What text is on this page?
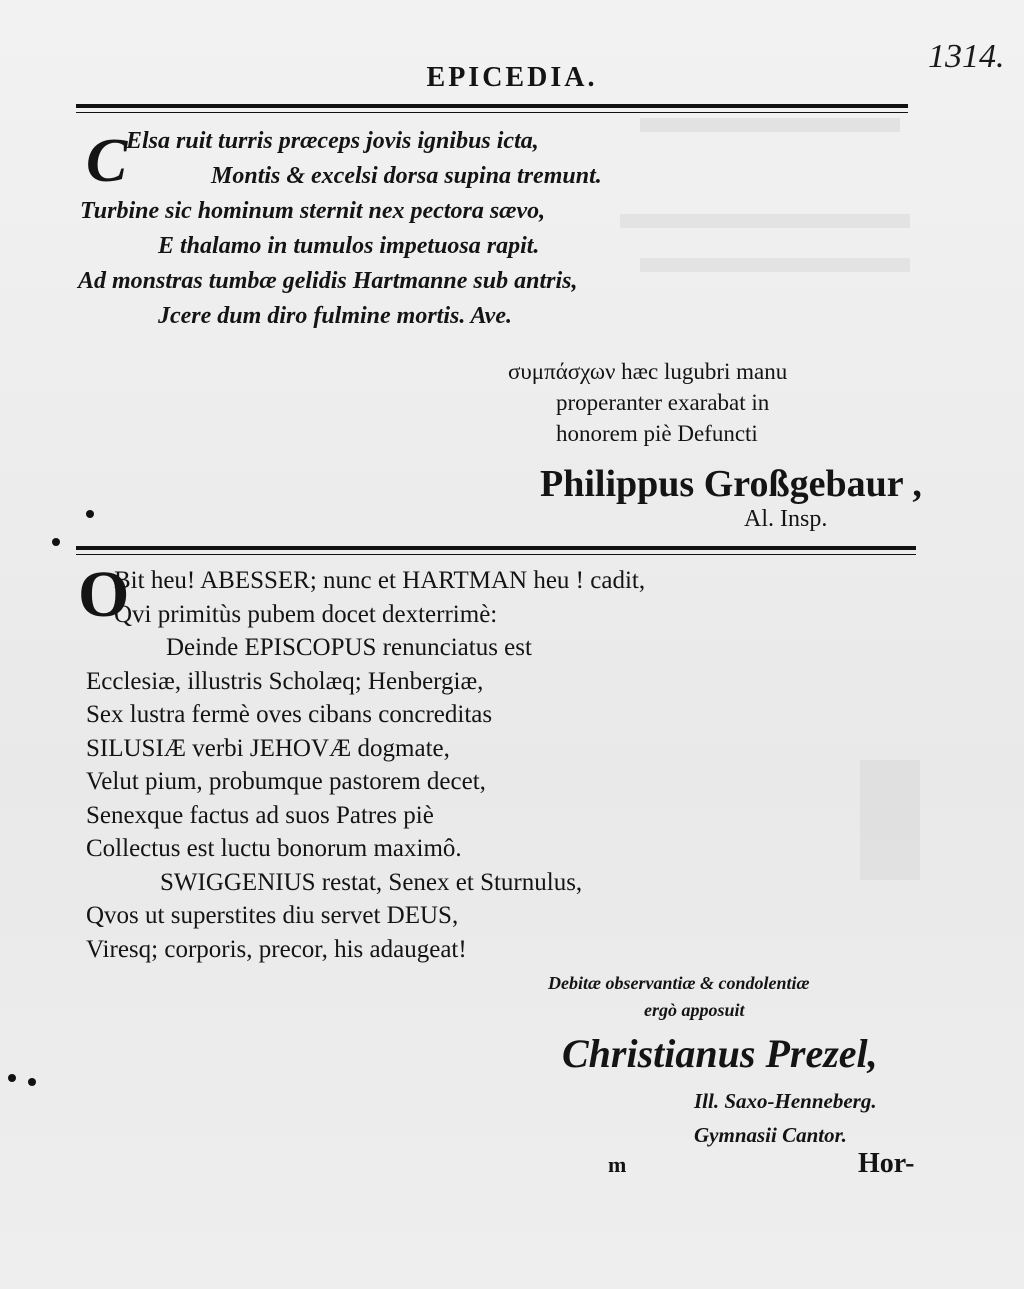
1314.
EPICEDIA.
C
Elsa ruit turris præceps jovis ignibus icta,
Montis & excelsi dorsa supina tremunt.
Turbine sic hominum sternit nex pectora sævo,
E thalamo in tumulos impetuosa rapit.
Ad monstras tumbæ gelidis Hartmanne sub antris,
Jcere dum diro fulmine mortis. Ave.
συμπάσχων hæc lugubri manu
properanter exarabat in
honorem piè Defuncti
Philippus Großgebaur ,
Al. Insp.
O
Bit heu! ABESSER; nunc et HARTMAN heu ! cadit,
Qvi primitùs pubem docet dexterrimè:
Deinde EPISCOPUS renunciatus est
Ecclesiæ, illustris Scholæq; Henbergiæ,
Sex lustra fermè oves cibans concreditas
SILUSIÆ verbi JEHOVÆ dogmate,
Velut pium, probumque pastorem decet,
Senexque factus ad suos Patres piè
Collectus est luctu bonorum maximô.
SWIGGENIUS restat, Senex et Sturnulus,
Qvos ut superstites diu servet DEUS,
Viresq; corporis, precor, his adaugeat!
Debitæ observantiæ & condolentiæ
ergò apposuit
Christianus Prezel,
Ill. Saxo-Henneberg.
Gymnasii Cantor.
m	Hor-
